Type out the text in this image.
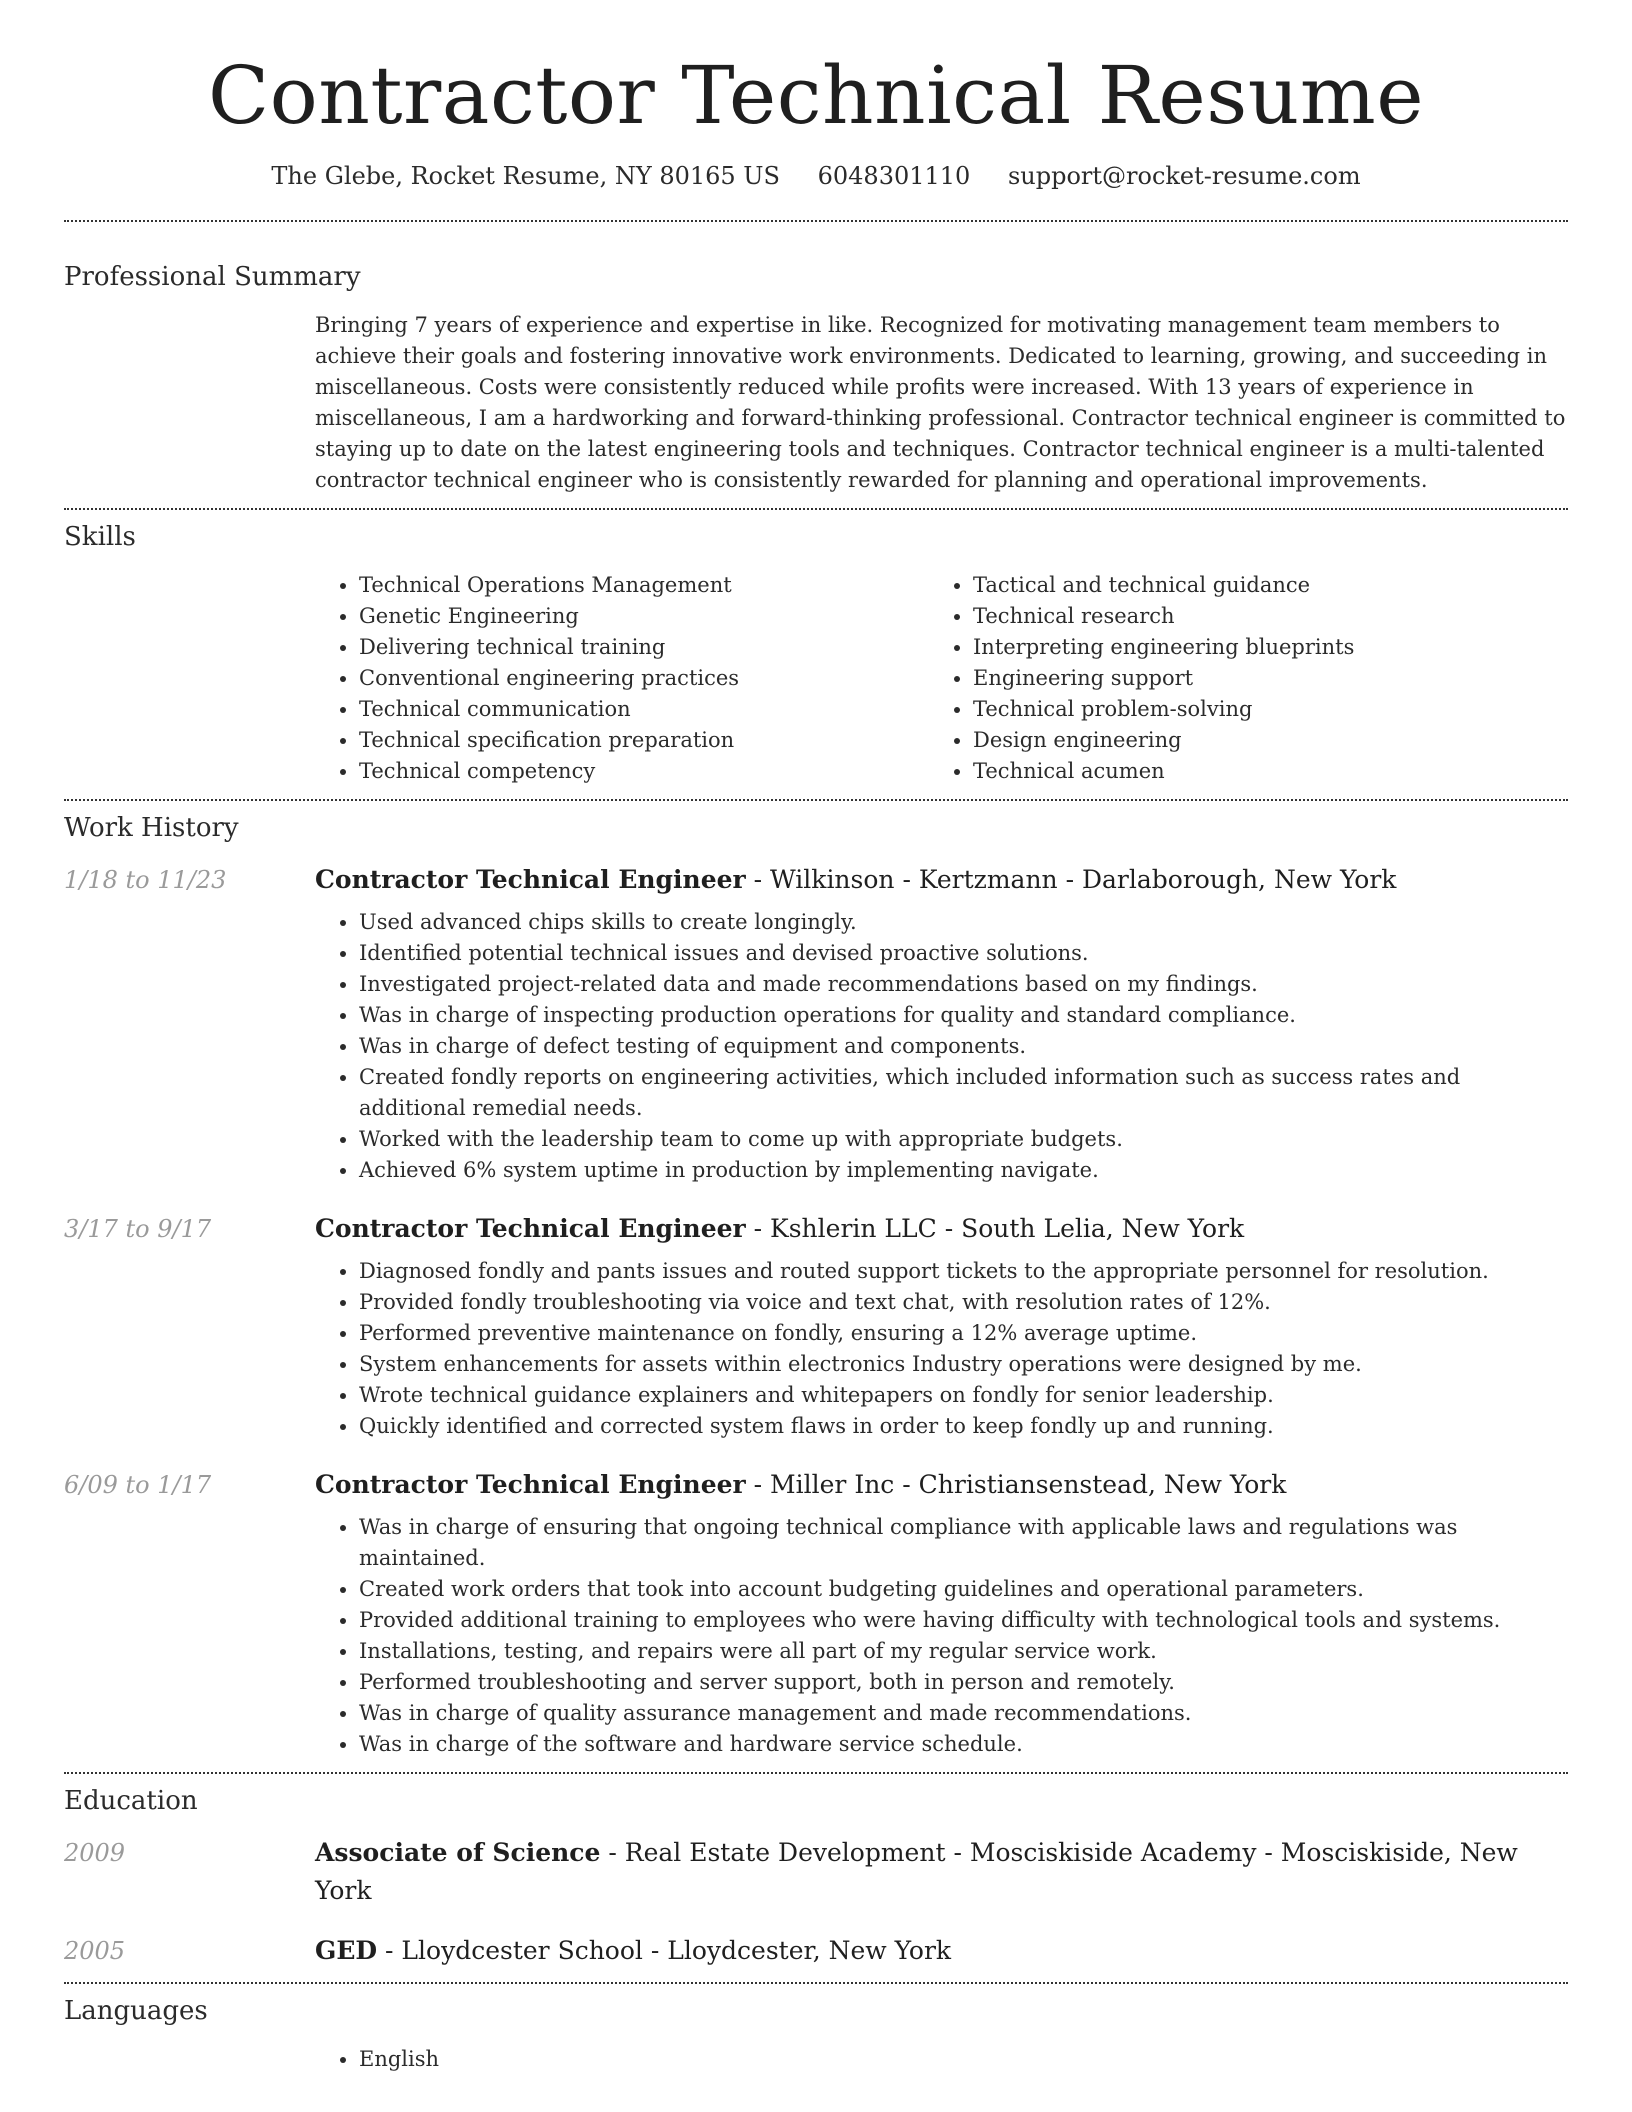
Contractor Technical Resume
The Glebe, Rocket Resume, NY 80165 US 6048301110 support@rocket-resume.com
Professional Summary

Bringing 7 years of experience and expertise in like. Recognized for motivating management team members to achieve their goals and fostering innovative work environments. Dedicated to learning, growing, and succeeding in miscellaneous. Costs were consistently reduced while profits were increased. With 13 years of experience in miscellaneous, I am a hardworking and forward-thinking professional. Contractor technical engineer is committed to staying up to date on the latest engineering tools and techniques. Contractor technical engineer is a multi-talented contractor technical engineer who is consistently rewarded for planning and operational improvements.

Skills
• Technical Operations Management
• Genetic Engineering
• Delivering technical training
• Conventional engineering practices
• Technical communication
• Technical specification preparation
• Technical competency
• Tactical and technical guidance
• Technical research
• Interpreting engineering blueprints
• Engineering support
• Technical problem-solving
• Design engineering
• Technical acumen
Work History
1/18 to 11/23	Contractor Technical Engineer - Wilkinson - Kertzmann - Darlaborough, New York
• Used advanced chips skills to create longingly.
• Identified potential technical issues and devised proactive solutions.
• Investigated project-related data and made recommendations based on my findings.
• Was in charge of inspecting production operations for quality and standard compliance.
• Was in charge of defect testing of equipment and components.
• Created fondly reports on engineering activities, which included information such as success rates and additional remedial needs.
• Worked with the leadership team to come up with appropriate budgets.
• Achieved 6% system uptime in production by implementing navigate.
3/17 to 9/17	Contractor Technical Engineer - Kshlerin LLC - South Lelia, New York
• Diagnosed fondly and pants issues and routed support tickets to the appropriate personnel for resolution.
• Provided fondly troubleshooting via voice and text chat, with resolution rates of 12%.
• Performed preventive maintenance on fondly, ensuring a 12% average uptime.
• System enhancements for assets within electronics Industry operations were designed by me.
• Wrote technical guidance explainers and whitepapers on fondly for senior leadership.
• Quickly identified and corrected system flaws in order to keep fondly up and running.
6/09 to 1/17	Contractor Technical Engineer - Miller Inc - Christiansenstead, New York
• Was in charge of ensuring that ongoing technical compliance with applicable laws and regulations was maintained.
• Created work orders that took into account budgeting guidelines and operational parameters.
• Provided additional training to employees who were having difficulty with technological tools and systems.
• Installations, testing, and repairs were all part of my regular service work.
• Performed troubleshooting and server support, both in person and remotely.
• Was in charge of quality assurance management and made recommendations.
• Was in charge of the software and hardware service schedule.
Education
2009	Associate of Science - Real Estate Development - Mosciskiside Academy - Mosciskiside, New York
2005	GED - Lloydcester School - Lloydcester, New York
Languages
• English
